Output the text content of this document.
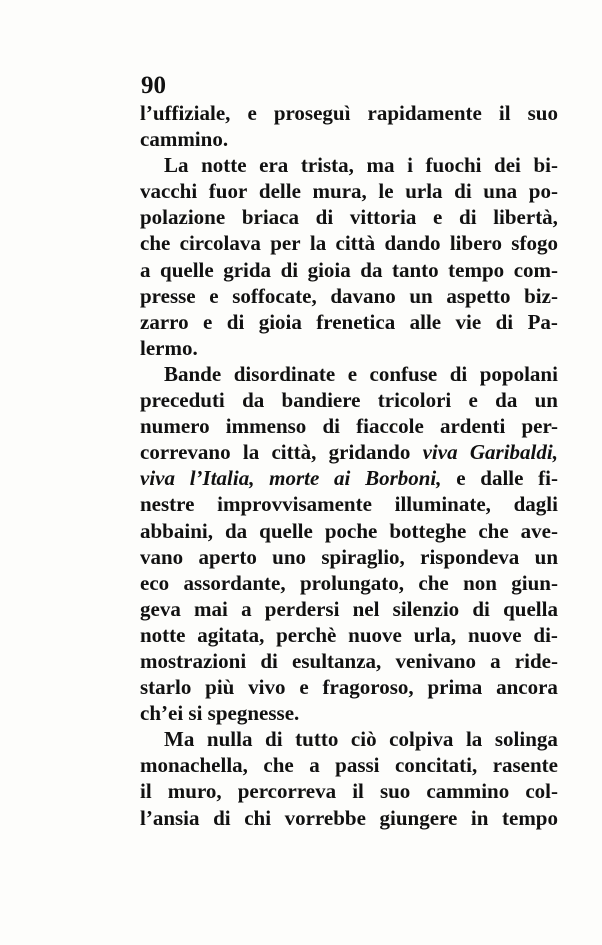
90
l’uffiziale, e proseguì rapidamente il suo
cammino.
La notte era trista, ma i fuochi dei bi-
vacchi fuor delle mura, le urla di una po-
polazione briaca di vittoria e di libertà,
che circolava per la città dando libero sfogo
a quelle grida di gioia da tanto tempo com-
presse e soffocate, davano un aspetto biz-
zarro e di gioia frenetica alle vie di Pa-
lermo.
Bande disordinate e confuse di popolani
preceduti da bandiere tricolori e da un
numero immenso di fiaccole ardenti per-
correvano la città, gridando viva Garibaldi,
viva l’Italia, morte ai Borboni, e dalle fi-
nestre improvvisamente illuminate, dagli
abbaini, da quelle poche botteghe che ave-
vano aperto uno spiraglio, rispondeva un
eco assordante, prolungato, che non giun-
geva mai a perdersi nel silenzio di quella
notte agitata, perchè nuove urla, nuove di-
mostrazioni di esultanza, venivano a ride-
starlo più vivo e fragoroso, prima ancora
ch’ei
si
spegnesse.
Ma nulla di tutto ciò colpiva la solinga
monachella, che a passi concitati, rasente
il muro, percorreva il suo cammino col-
l’ansia di chi vorrebbe giungere in tempo
